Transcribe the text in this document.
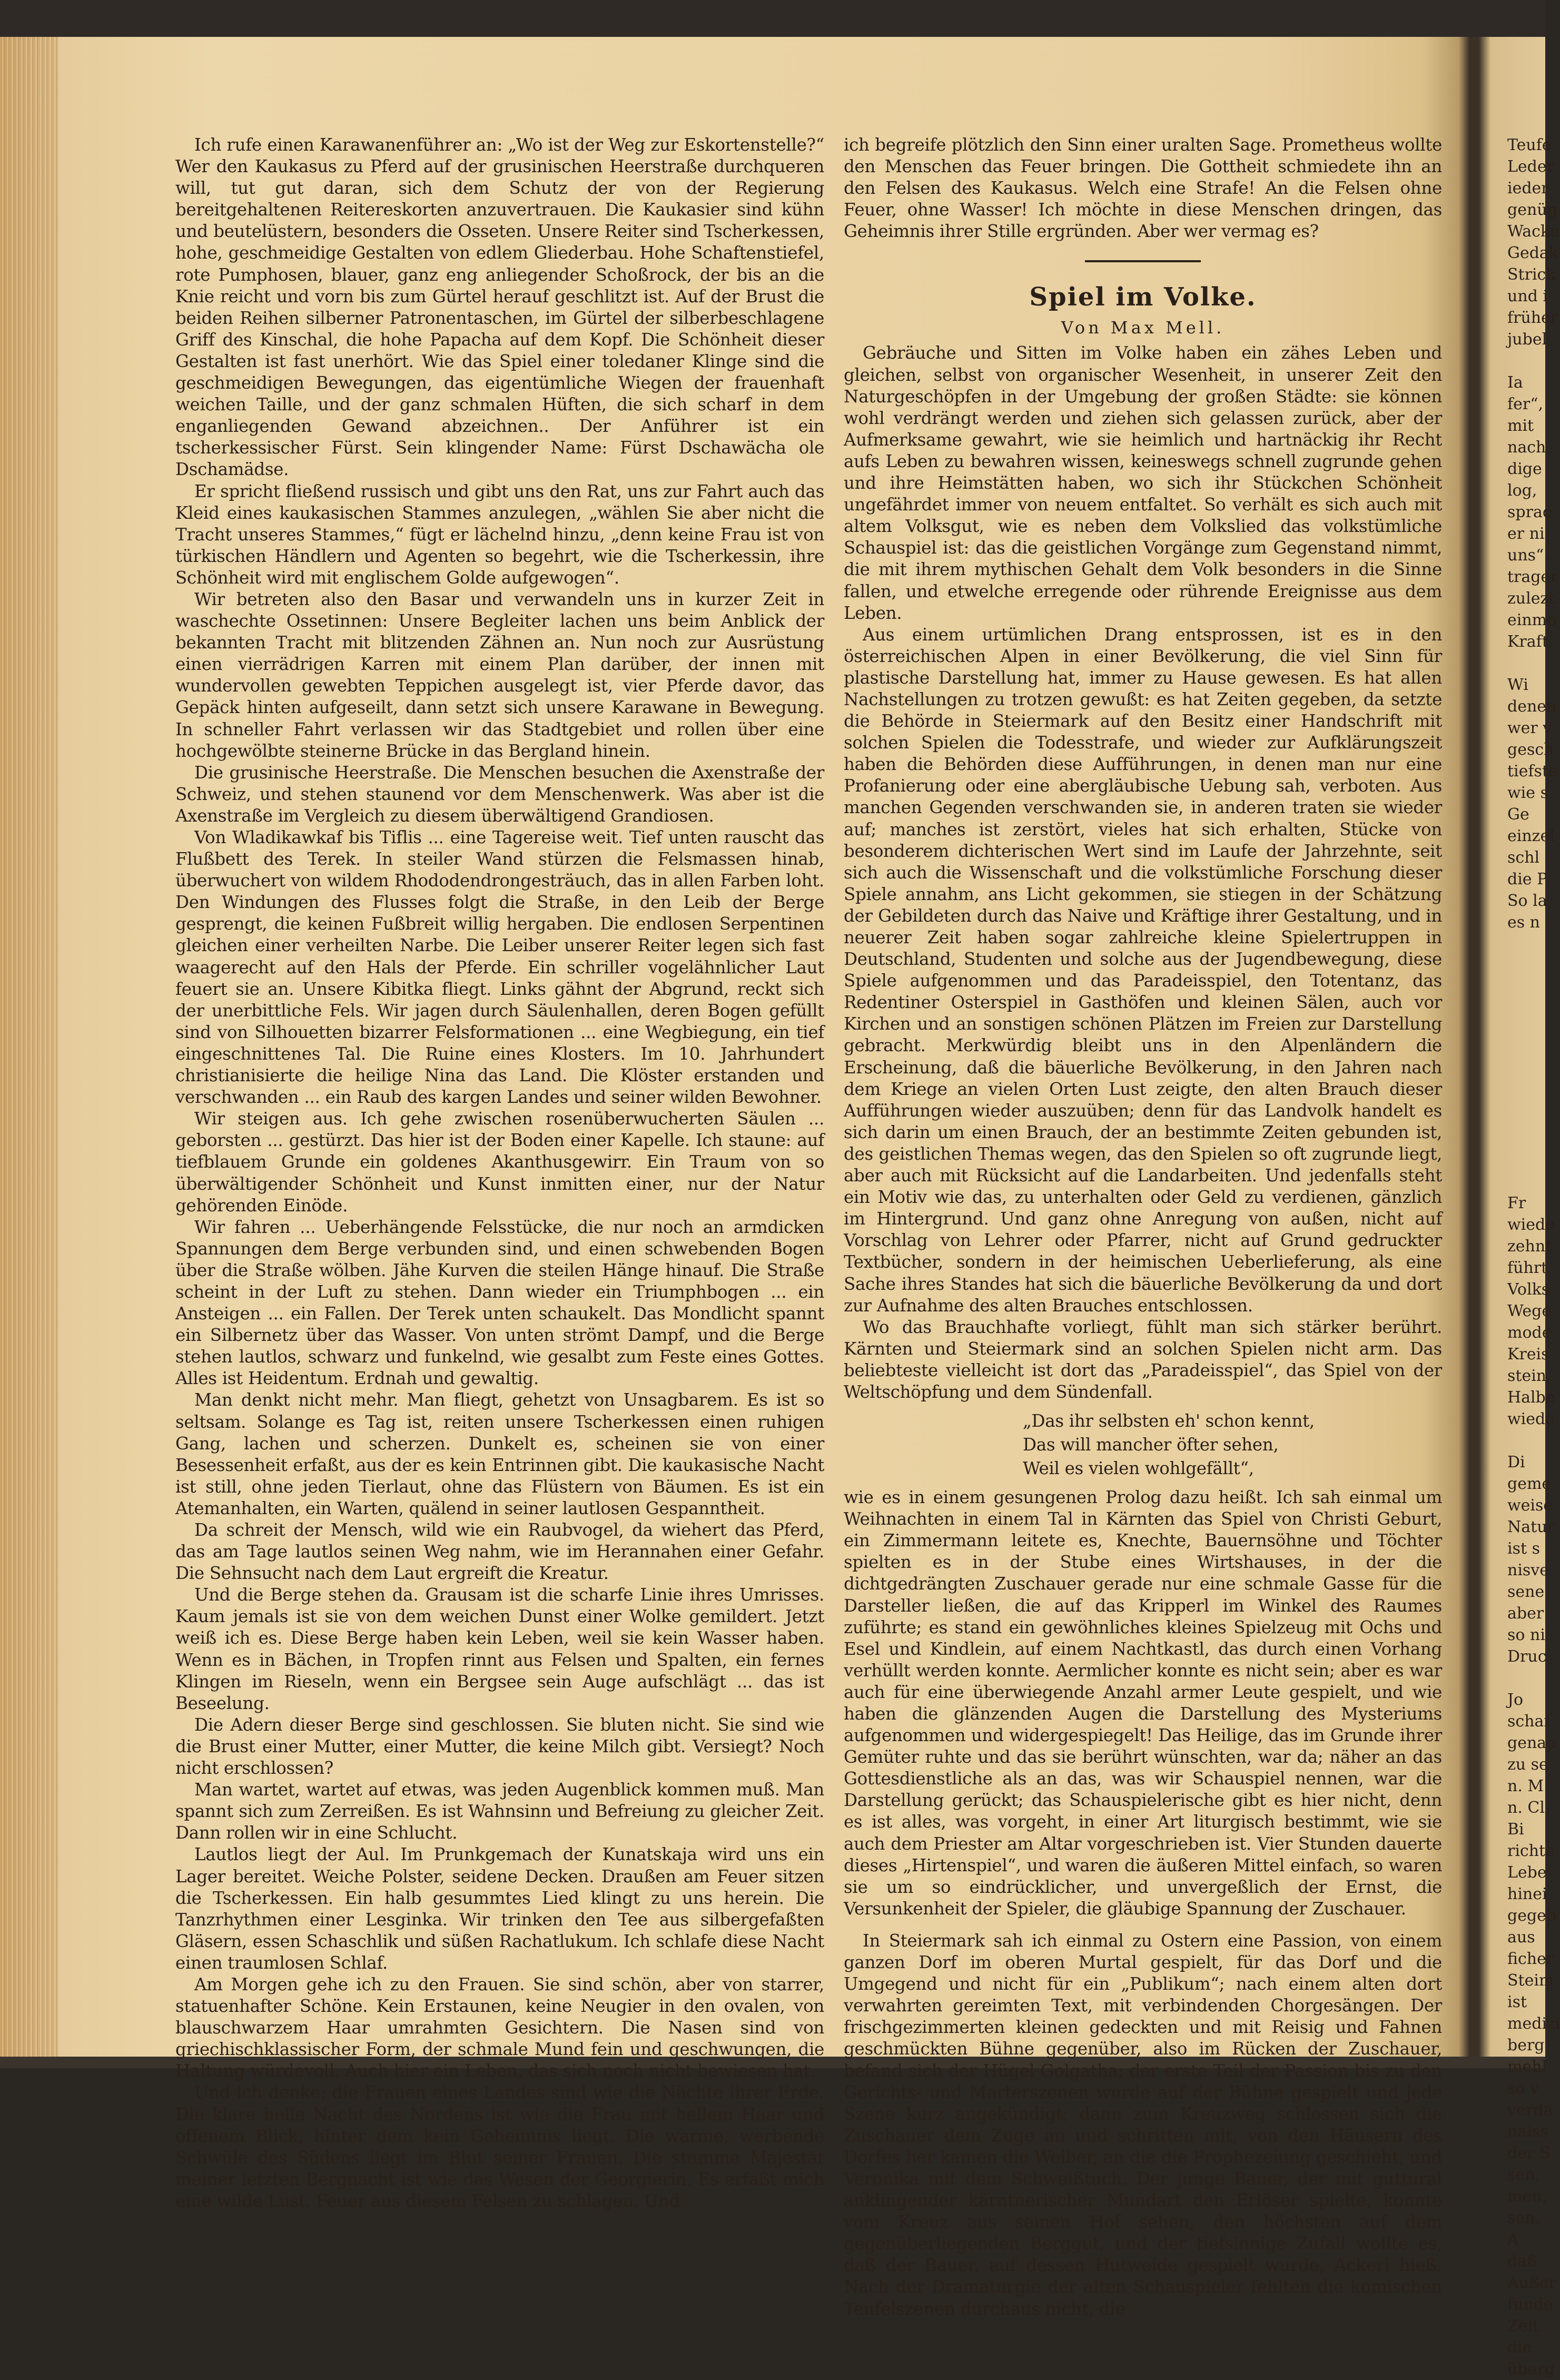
Ich rufe einen Karawanenführer an: „Wo ist der Weg zur Eskortenstelle?“ Wer den Kaukasus zu Pferd auf der grusinischen Heerstraße durchqueren will, tut gut daran, sich dem Schutz der von der Regierung bereitgehaltenen Reitereskorten anzuvertrauen. Die Kaukasier sind kühn und beutelüstern, besonders die Osseten. Unsere Reiter sind Tscherkessen, hohe, geschmeidige Gestalten von edlem Gliederbau. Hohe Schaftenstiefel, rote Pumphosen, blauer, ganz eng anliegender Schoßrock, der bis an die Knie reicht und vorn bis zum Gürtel herauf geschlitzt ist. Auf der Brust die beiden Reihen silberner Patronentaschen, im Gürtel der silberbeschlagene Griff des Kinschal, die hohe Papacha auf dem Kopf. Die Schönheit dieser Gestalten ist fast unerhört. Wie das Spiel einer toledaner Klinge sind die geschmeidigen Bewegungen, das eigentümliche Wiegen der frauenhaft weichen Taille, und der ganz schmalen Hüften, die sich scharf in dem enganliegenden Gewand abzeichnen.. Der Anführer ist ein tscherkessischer Fürst. Sein klingender Name: Fürst Dschawächa ole Dschamädse.

Er spricht fließend russisch und gibt uns den Rat, uns zur Fahrt auch das Kleid eines kaukasischen Stammes anzulegen, „wählen Sie aber nicht die Tracht unseres Stammes,“ fügt er lächelnd hinzu, „denn keine Frau ist von türkischen Händlern und Agenten so begehrt, wie die Tscherkessin, ihre Schönheit wird mit englischem Golde aufgewogen“.

Wir betreten also den Basar und verwandeln uns in kurzer Zeit in waschechte Ossetinnen: Unsere Begleiter lachen uns beim Anblick der bekannten Tracht mit blitzenden Zähnen an. Nun noch zur Ausrüstung einen vierrädrigen Karren mit einem Plan darüber, der innen mit wundervollen gewebten Teppichen ausgelegt ist, vier Pferde davor, das Gepäck hinten aufgeseilt, dann setzt sich unsere Karawane in Bewegung. In schneller Fahrt verlassen wir das Stadtgebiet und rollen über eine hochgewölbte steinerne Brücke in das Bergland hinein.

Die grusinische Heerstraße. Die Menschen besuchen die Axenstraße der Schweiz, und stehen staunend vor dem Menschenwerk. Was aber ist die Axenstraße im Vergleich zu diesem überwältigend Grandiosen.

Von Wladikawkaf bis Tiflis ... eine Tagereise weit. Tief unten rauscht das Flußbett des Terek. In steiler Wand stürzen die Felsmassen hinab, überwuchert von wildem Rhododendrongesträuch, das in allen Farben loht. Den Windungen des Flusses folgt die Straße, in den Leib der Berge gesprengt, die keinen Fußbreit willig hergaben. Die endlosen Serpentinen gleichen einer verheilten Narbe. Die Leiber unserer Reiter legen sich fast waagerecht auf den Hals der Pferde. Ein schriller vogelähnlicher Laut feuert sie an. Unsere Kibitka fliegt. Links gähnt der Abgrund, reckt sich der unerbittliche Fels. Wir jagen durch Säulenhallen, deren Bogen gefüllt sind von Silhouetten bizarrer Felsformationen ... eine Wegbiegung, ein tief eingeschnittenes Tal. Die Ruine eines Klosters. Im 10. Jahrhundert christianisierte die heilige Nina das Land. Die Klöster erstanden und verschwanden ... ein Raub des kargen Landes und seiner wilden Bewohner.

Wir steigen aus. Ich gehe zwischen rosenüberwucherten Säulen ... geborsten ... gestürzt. Das hier ist der Boden einer Kapelle. Ich staune: auf tiefblauem Grunde ein goldenes Akanthusgewirr. Ein Traum von so überwältigender Schönheit und Kunst inmitten einer, nur der Natur gehörenden Einöde.

Wir fahren ... Ueberhängende Felsstücke, die nur noch an armdicken Spannungen dem Berge verbunden sind, und einen schwebenden Bogen über die Straße wölben. Jähe Kurven die steilen Hänge hinauf. Die Straße scheint in der Luft zu stehen. Dann wieder ein Triumphbogen ... ein Ansteigen ... ein Fallen. Der Terek unten schaukelt. Das Mondlicht spannt ein Silbernetz über das Wasser. Von unten strömt Dampf, und die Berge stehen lautlos, schwarz und funkelnd, wie gesalbt zum Feste eines Gottes. Alles ist Heidentum. Erdnah und gewaltig.

Man denkt nicht mehr. Man fliegt, gehetzt von Unsagbarem. Es ist so seltsam. Solange es Tag ist, reiten unsere Tscherkessen einen ruhigen Gang, lachen und scherzen. Dunkelt es, scheinen sie von einer Besessenheit erfaßt, aus der es kein Entrinnen gibt. Die kaukasische Nacht ist still, ohne jeden Tierlaut, ohne das Flüstern von Bäumen. Es ist ein Atemanhalten, ein Warten, quälend in seiner lautlosen Gespanntheit.

Da schreit der Mensch, wild wie ein Raubvogel, da wiehert das Pferd, das am Tage lautlos seinen Weg nahm, wie im Herannahen einer Gefahr. Die Sehnsucht nach dem Laut ergreift die Kreatur.

Und die Berge stehen da. Grausam ist die scharfe Linie ihres Umrisses. Kaum jemals ist sie von dem weichen Dunst einer Wolke gemildert. Jetzt weiß ich es. Diese Berge haben kein Leben, weil sie kein Wasser haben. Wenn es in Bächen, in Tropfen rinnt aus Felsen und Spalten, ein fernes Klingen im Rieseln, wenn ein Bergsee sein Auge aufschlägt ... das ist Beseelung.

Die Adern dieser Berge sind geschlossen. Sie bluten nicht. Sie sind wie die Brust einer Mutter, einer Mutter, die keine Milch gibt. Versiegt? Noch nicht erschlossen?

Man wartet, wartet auf etwas, was jeden Augenblick kommen muß. Man spannt sich zum Zerreißen. Es ist Wahnsinn und Befreiung zu gleicher Zeit. Dann rollen wir in eine Schlucht.

Lautlos liegt der Aul. Im Prunkgemach der Kunatskaja wird uns ein Lager bereitet. Weiche Polster, seidene Decken. Draußen am Feuer sitzen die Tscherkessen. Ein halb gesummtes Lied klingt zu uns herein. Die Tanzrhythmen einer Lesginka. Wir trinken den Tee aus silbergefaßten Gläsern, essen Schaschlik und süßen Rachatlukum. Ich schlafe diese Nacht einen traumlosen Schlaf.

Am Morgen gehe ich zu den Frauen. Sie sind schön, aber von starrer, statuenhafter Schöne. Kein Erstaunen, keine Neugier in den ovalen, von blauschwarzem Haar umrahmten Gesichtern. Die Nasen sind von griechischklassischer Form, der schmale Mund fein und geschwungen, die Haltung würdevoll. Auch hier ein Leben, das sich noch nicht bewiesen hat.

Und ich denke: die Frauen eines Landes sind wie die Nächte ihrer Erde. Die klare helle Nacht des Nordens ist wie die Frau mit hellem Haar und offenem Blick, hinter dem kein Geheimnis liegt. Die warme, werbende Schwüle des Südens liegt im Blut seiner Frauen. Die stumme Majestät meiner letzten Bergnacht ist wie das Wesen der Georgierin. Es erfaßt mich eine wilde Lust, Feuer aus diesem Felsen zu schlagen. Und

ich begreife plötzlich den Sinn einer uralten Sage. Prometheus wollte den Menschen das Feuer bringen. Die Gottheit schmiedete ihn an den Felsen des Kaukasus. Welch eine Strafe! An die Felsen ohne Feuer, ohne Wasser! Ich möchte in diese Menschen dringen, das Geheimnis ihrer Stille ergründen. Aber wer vermag es?

Spiel im Volke.
Von Max Mell.

Gebräuche und Sitten im Volke haben ein zähes Leben und gleichen, selbst von organischer Wesenheit, in unserer Zeit den Naturgeschöpfen in der Umgebung der großen Städte: sie können wohl verdrängt werden und ziehen sich gelassen zurück, aber der Aufmerksame gewahrt, wie sie heimlich und hartnäckig ihr Recht aufs Leben zu bewahren wissen, keineswegs schnell zugrunde gehen und ihre Heimstätten haben, wo sich ihr Stückchen Schönheit ungefährdet immer von neuem entfaltet. So verhält es sich auch mit altem Volksgut, wie es neben dem Volkslied das volkstümliche Schauspiel ist: das die geistlichen Vorgänge zum Gegenstand nimmt, die mit ihrem mythischen Gehalt dem Volk besonders in die Sinne fallen, und etwelche erregende oder rührende Ereignisse aus dem Leben.

Aus einem urtümlichen Drang entsprossen, ist es in den österreichischen Alpen in einer Bevölkerung, die viel Sinn für plastische Darstellung hat, immer zu Hause gewesen. Es hat allen Nachstellungen zu trotzen gewußt: es hat Zeiten gegeben, da setzte die Behörde in Steiermark auf den Besitz einer Handschrift mit solchen Spielen die Todesstrafe, und wieder zur Aufklärungszeit haben die Behörden diese Aufführungen, in denen man nur eine Profanierung oder eine abergläubische Uebung sah, verboten. Aus manchen Gegenden verschwanden sie, in anderen traten sie wieder auf; manches ist zerstört, vieles hat sich erhalten, Stücke von besonderem dichterischen Wert sind im Laufe der Jahrzehnte, seit sich auch die Wissenschaft und die volkstümliche Forschung dieser Spiele annahm, ans Licht gekommen, sie stiegen in der Schätzung der Gebildeten durch das Naive und Kräftige ihrer Gestaltung, und in neuerer Zeit haben sogar zahlreiche kleine Spielertruppen in Deutschland, Studenten und solche aus der Jugendbewegung, diese Spiele aufgenommen und das Paradeisspiel, den Totentanz, das Redentiner Osterspiel in Gasthöfen und kleinen Sälen, auch vor Kirchen und an sonstigen schönen Plätzen im Freien zur Darstellung gebracht. Merkwürdig bleibt uns in den Alpenländern die Erscheinung, daß die bäuerliche Bevölkerung, in den Jahren nach dem Kriege an vielen Orten Lust zeigte, den alten Brauch dieser Aufführungen wieder auszuüben; denn für das Landvolk handelt es sich darin um einen Brauch, der an bestimmte Zeiten gebunden ist, des geistlichen Themas wegen, das den Spielen so oft zugrunde liegt, aber auch mit Rücksicht auf die Landarbeiten. Und jedenfalls steht ein Motiv wie das, zu unterhalten oder Geld zu verdienen, gänzlich im Hintergrund. Und ganz ohne Anregung von außen, nicht auf Vorschlag von Lehrer oder Pfarrer, nicht auf Grund gedruckter Textbücher, sondern in der heimischen Ueberlieferung, als eine Sache ihres Standes hat sich die bäuerliche Bevölkerung da und dort zur Aufnahme des alten Brauches entschlossen.

Wo das Brauchhafte vorliegt, fühlt man sich stärker berührt. Kärnten und Steiermark sind an solchen Spielen nicht arm. Das beliebteste vielleicht ist dort das „Paradeisspiel“, das Spiel von der Weltschöpfung und dem Sündenfall.

„Das ihr selbsten eh' schon kennt,
Das will mancher öfter sehen,
Weil es vielen wohlgefällt“,

wie es in einem gesungenen Prolog dazu heißt. Ich sah einmal um Weihnachten in einem Tal in Kärnten das Spiel von Christi Geburt, ein Zimmermann leitete es, Knechte, Bauernsöhne und Töchter spielten es in der Stube eines Wirtshauses, in der die dichtgedrängten Zuschauer gerade nur eine schmale Gasse für die Darsteller ließen, die auf das Kripperl im Winkel des Raumes zuführte; es stand ein gewöhnliches kleines Spielzeug mit Ochs und Esel und Kindlein, auf einem Nachtkastl, das durch einen Vorhang verhüllt werden konnte. Aermlicher konnte es nicht sein; aber es war auch für eine überwiegende Anzahl armer Leute gespielt, und wie haben die glänzenden Augen die Darstellung des Mysteriums aufgenommen und widergespiegelt! Das Heilige, das im Grunde ihrer Gemüter ruhte und das sie berührt wünschten, war da; näher an das Gottesdienstliche als an das, was wir Schauspiel nennen, war die Darstellung gerückt; das Schauspielerische gibt es hier nicht, denn es ist alles, was vorgeht, in einer Art liturgisch bestimmt, wie sie auch dem Priester am Altar vorgeschrieben ist. Vier Stunden dauerte dieses „Hirtenspiel“, und waren die äußeren Mittel einfach, so waren sie um so eindrücklicher, und unvergeßlich der Ernst, die Versunkenheit der Spieler, die gläubige Spannung der Zuschauer.

In Steiermark sah ich einmal zu Ostern eine Passion, von einem ganzen Dorf im oberen Murtal gespielt, für das Dorf und die Umgegend und nicht für ein „Publikum“; nach einem alten dort verwahrten gereimten Text, mit verbindenden Chorgesängen. Der frischgezimmerten kleinen gedeckten und mit Reisig und Fahnen geschmückten Bühne gegenüber, also im Rücken der Zuschauer, befand sich der Hügel Golgatha; der erste Teil der Passion bis zu den Gerichts- und Marterszenen wurde auf der Bühne gespielt und jede Szene kurz angekündigt; dann zum Kreuzweg schlossen sich die Zuschauer dem Zuge an und schritten mit, von den Häusern des Dorfes her kamen die Weiber, an die die Prophezeiung geschieht, und Veronika mit dem Schweißtuch. Der junge Bauer, der mit guttural anklingender kärntnerischer Mundart den Erlöser spielte, konnte vom Kreuz aus seinen Hof sehen, den höchsten auf dem gegenüberliegenden Berggut, und der tiefsinnige Zufall wollte es, daß der Bauer, auf dessen Hutweide gespielt wurde, Ackerl hieß. Nach der Dramaturgie der alten Schauspieler fehlten die komischen Teufelszenen durchaus nicht, die

Teufe
Leder
ieder
genüg
Wacke
Gedak
Strick
und i
früher
jubel

Ia
fer“,
mit
nach
dige
log,
sprac
er ni
uns“.
trager
zulezt
einmo
Kraft

Wi
denen
wer v
gesch
tiefste
wie s
Ge
einzel
schl
die P
So la
es n

Fr
wiede
zehnt
führt
Volks
Wege
mode
Kreis
stein
Halbe
wiede

Di
geme
weise
Natur
ist s
nisve
sene
aber
so ni
Druc

Jo
schaf
genau
zu se
n. M
n. Cl
Bi
richte
Lebe
hinei
gegeb
aus
ficher
Steim
ist
medizi
berg
mehl
so v
verda
naiss
der S
sen,
men,
sen,
A
daß
Außer
funde
Zeit
die
überg
